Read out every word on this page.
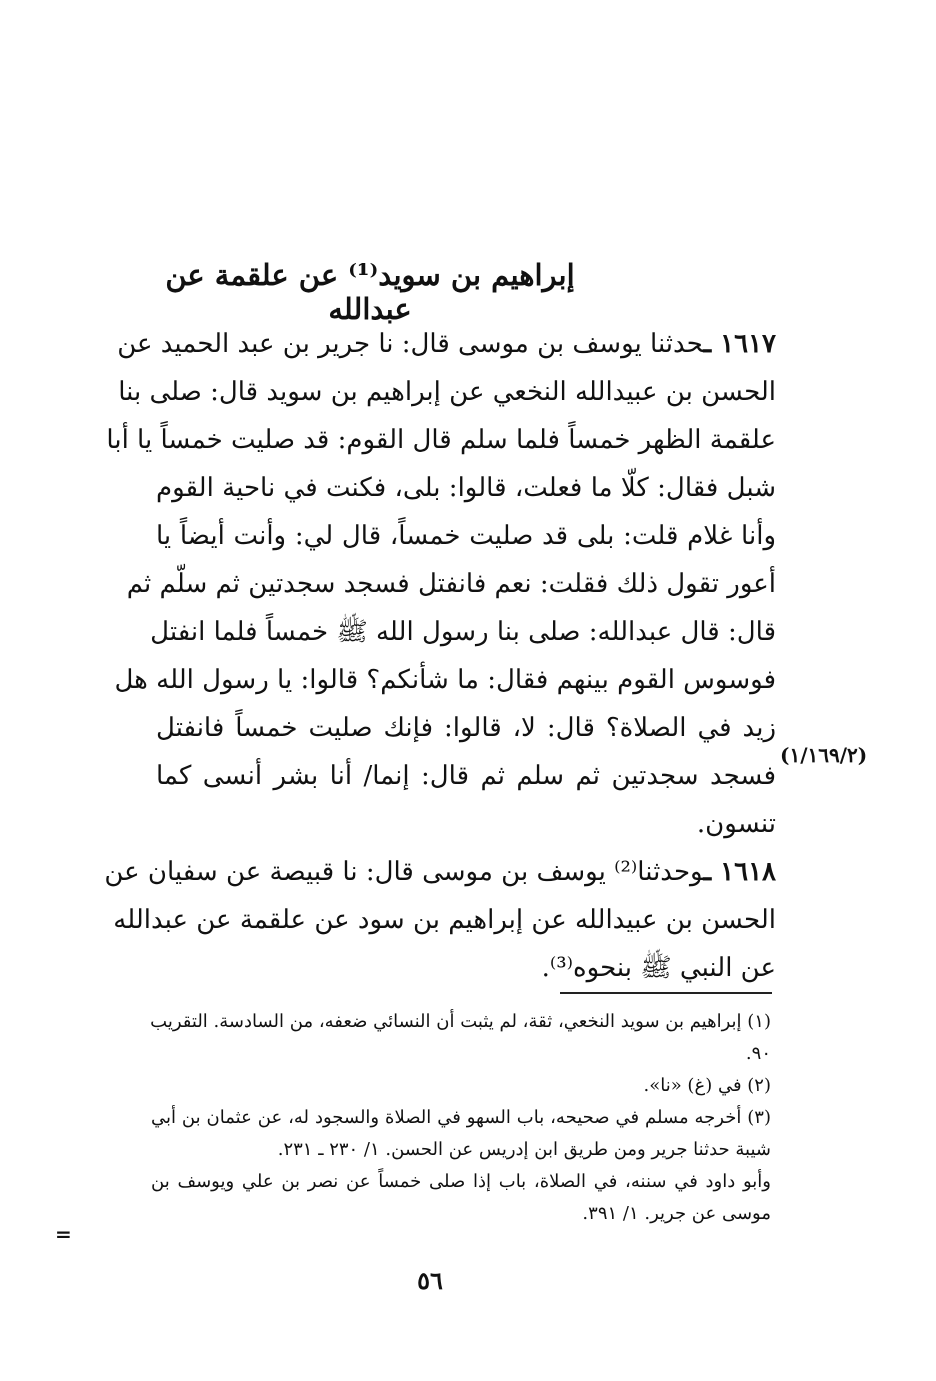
إبراهيم بن سويد⁽¹⁾ عن علقمة عن عبدالله
١٦١٧ ـحدثنا يوسف بن موسى قال: نا جرير بن عبد الحميد عن
الحسن بن عبيدالله النخعي عن إبراهيم بن سويد قال: صلى بنا
علقمة الظهر خمساً فلما سلم قال القوم: قد صليت خمساً يا أبا
شبل فقال: كلّا ما فعلت، قالوا: بلى، فكنت في ناحية القوم
وأنا غلام قلت: بلى قد صليت خمساً، قال لي: وأنت أيضاً يا
أعور تقول ذلك فقلت: نعم فانفتل فسجد سجدتين ثم سلّم ثم
قال: قال عبدالله: صلى بنا رسول الله ﷺ خمساً فلما انفتل
فوسوس القوم بينهم فقال: ما شأنكم؟ قالوا: يا رسول الله هل
زيد في الصلاة؟ قال: لا، قالوا: فإنك صليت خمساً فانفتل
فسجد سجدتين ثم سلم ثم قال: إنما/ أنا بشر أنسى كما
تنسون.
(١/١٦٩/٢)
١٦١٨ ـوحدثنا⁽²⁾ يوسف بن موسى قال: نا قبيصة عن سفيان عن
الحسن بن عبيدالله عن إبراهيم بن سود عن علقمة عن عبدالله
عن النبي ﷺ بنحوه⁽³⁾.
(١) إبراهيم بن سويد النخعي، ثقة، لم يثبت أن النسائي ضعفه، من السادسة. التقريب
٩٠.
(٢) في (غ) «نا».
(٣) أخرجه مسلم في صحيحه، باب السهو في الصلاة والسجود له، عن عثمان بن أبي
شيبة حدثنا جرير ومن طريق ابن إدريس عن الحسن. ١/ ٢٣٠ ـ ٢٣١.
وأبو داود في سننه، في الصلاة، باب إذا صلى خمساً عن نصر بن علي ويوسف بن
موسى عن جرير. ١/ ٣٩١.
=
٥٦
